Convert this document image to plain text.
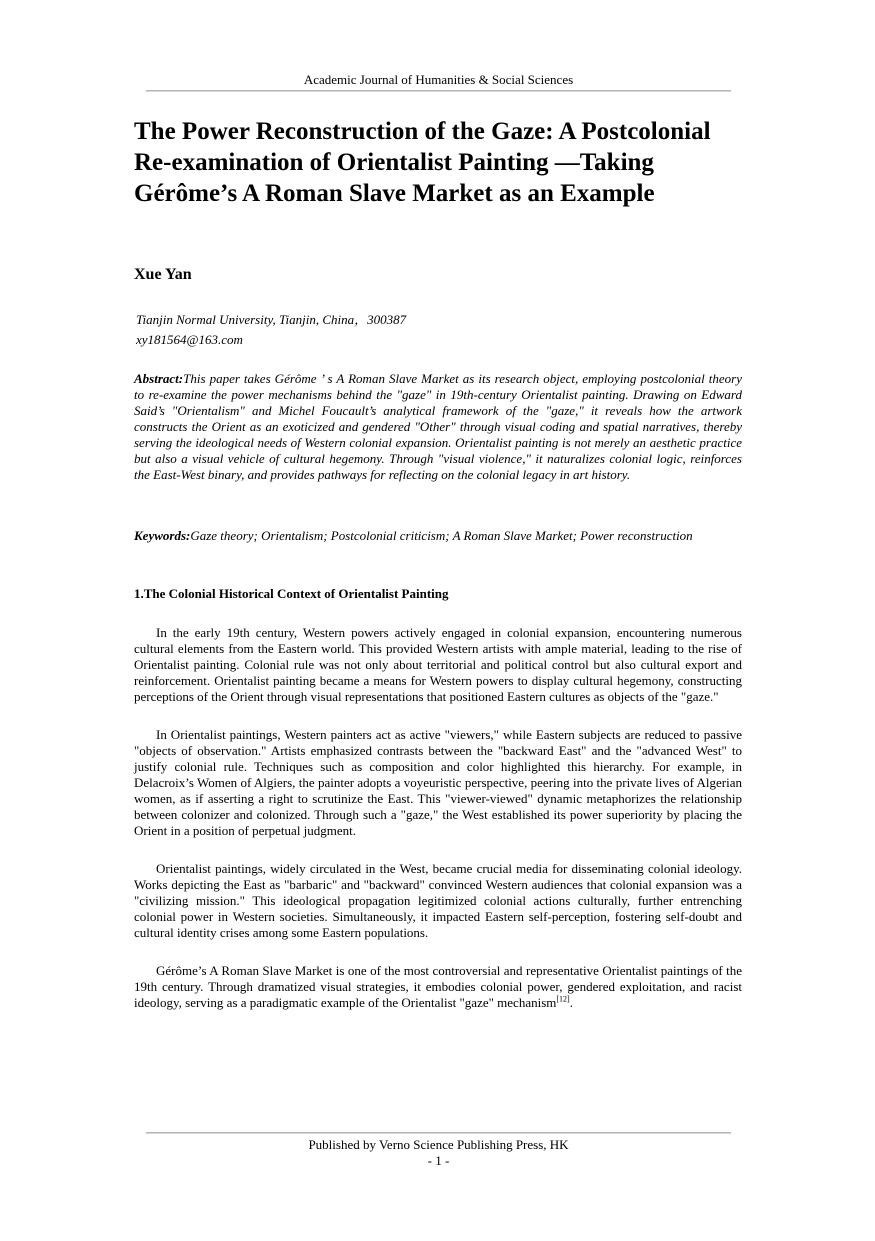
Academic Journal of Humanities & Social Sciences
The Power Reconstruction of the Gaze: A Postcolonial Re-examination of Orientalist Painting —Taking Gérôme’s A Roman Slave Market as an Example
Xue Yan
Tianjin Normal University, Tianjin, China，300387
xy181564@163.com

Abstract:This paper takes Gérôme ’ s A Roman Slave Market as its research object, employing postcolonial theory to re-examine the power mechanisms behind the "gaze" in 19th-century Orientalist painting. Drawing on Edward Said’s "Orientalism" and Michel Foucault’s analytical framework of the "gaze," it reveals how the artwork constructs the Orient as an exoticized and gendered "Other" through visual coding and spatial narratives, thereby serving the ideological needs of Western colonial expansion. Orientalist painting is not merely an aesthetic practice but also a visual vehicle of cultural hegemony. Through "visual violence," it naturalizes colonial logic, reinforces the East-West binary, and provides pathways for reflecting on the colonial legacy in art history.

Keywords:Gaze theory; Orientalism; Postcolonial criticism; A Roman Slave Market; Power reconstruction

1.The Colonial Historical Context of Orientalist Painting

In the early 19th century, Western powers actively engaged in colonial expansion, encountering numerous cultural elements from the Eastern world. This provided Western artists with ample material, leading to the rise of Orientalist painting. Colonial rule was not only about territorial and political control but also cultural export and reinforcement. Orientalist painting became a means for Western powers to display cultural hegemony, constructing perceptions of the Orient through visual representations that positioned Eastern cultures as objects of the "gaze."

In Orientalist paintings, Western painters act as active "viewers," while Eastern subjects are reduced to passive "objects of observation." Artists emphasized contrasts between the "backward East" and the "advanced West" to justify colonial rule. Techniques such as composition and color highlighted this hierarchy. For example, in Delacroix’s Women of Algiers, the painter adopts a voyeuristic perspective, peering into the private lives of Algerian women, as if asserting a right to scrutinize the East. This "viewer-viewed" dynamic metaphorizes the relationship between colonizer and colonized. Through such a "gaze," the West established its power superiority by placing the Orient in a position of perpetual judgment.

Orientalist paintings, widely circulated in the West, became crucial media for disseminating colonial ideology. Works depicting the East as "barbaric" and "backward" convinced Western audiences that colonial expansion was a "civilizing mission." This ideological propagation legitimized colonial actions culturally, further entrenching colonial power in Western societies. Simultaneously, it impacted Eastern self-perception, fostering self-doubt and cultural identity crises among some Eastern populations.

Gérôme’s A Roman Slave Market is one of the most controversial and representative Orientalist paintings of the 19th century. Through dramatized visual strategies, it embodies colonial power, gendered exploitation, and racist ideology, serving as a paradigmatic example of the Orientalist "gaze" mechanism[12].

Published by Verno Science Publishing Press, HK
- 1 -
